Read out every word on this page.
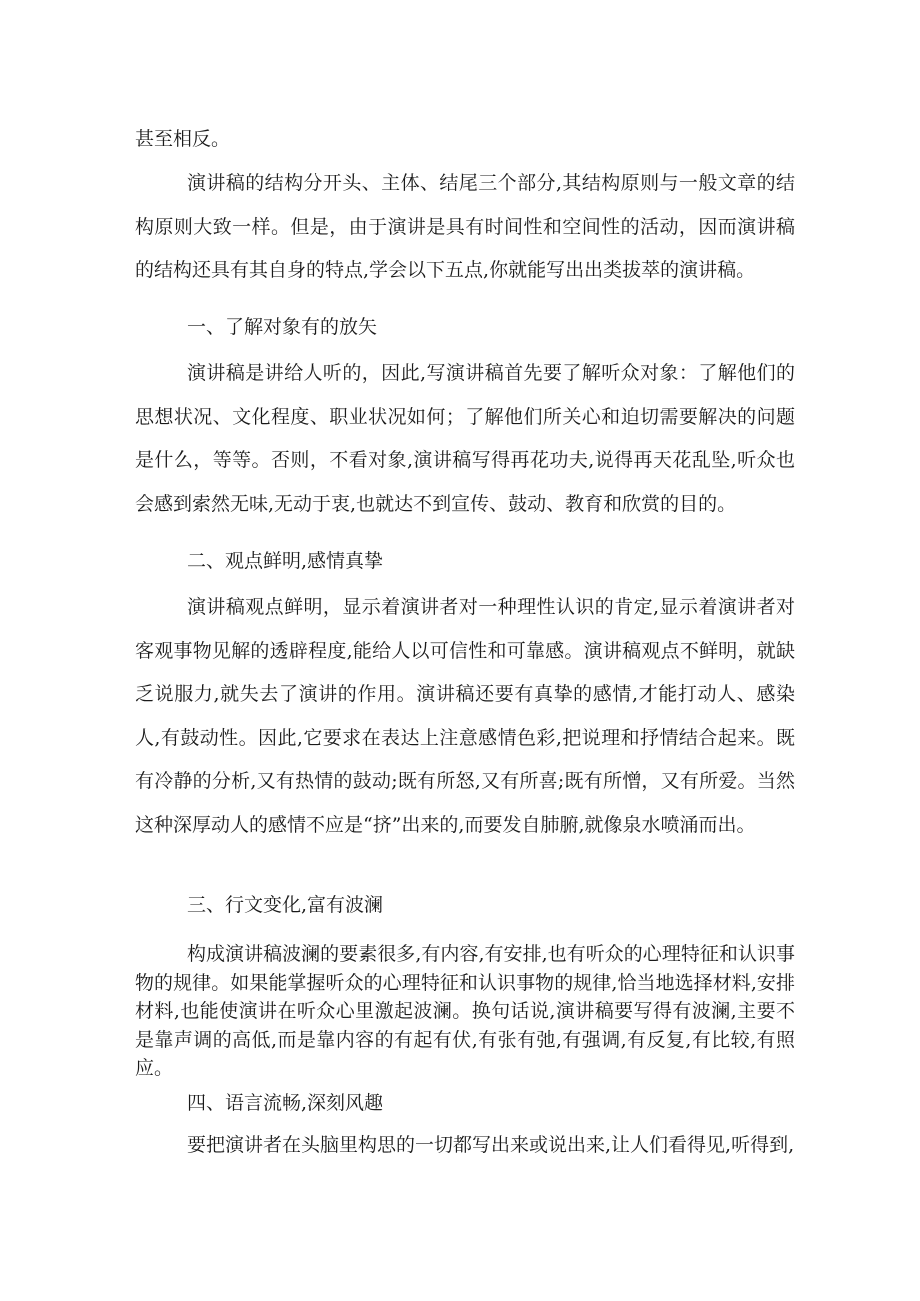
甚至相反。

演讲稿的结构分开头、主体、结尾三个部分,其结构原则与一般文章的结构原则大致一样。但是，由于演讲是具有时间性和空间性的活动，因而演讲稿的结构还具有其自身的特点,学会以下五点,你就能写出出类拔萃的演讲稿。

一、了解对象有的放矢

演讲稿是讲给人听的，因此,写演讲稿首先要了解听众对象：了解他们的思想状况、文化程度、职业状况如何；了解他们所关心和迫切需要解决的问题是什么，等等。否则，不看对象,演讲稿写得再花功夫,说得再天花乱坠,听众也会感到索然无味,无动于衷,也就达不到宣传、鼓动、教育和欣赏的目的。

二、观点鲜明,感情真挚

演讲稿观点鲜明，显示着演讲者对一种理性认识的肯定,显示着演讲者对客观事物见解的透辟程度,能给人以可信性和可靠感。演讲稿观点不鲜明，就缺乏说服力,就失去了演讲的作用。演讲稿还要有真挚的感情,才能打动人、感染人,有鼓动性。因此,它要求在表达上注意感情色彩,把说理和抒情结合起来。既有冷静的分析,又有热情的鼓动;既有所怒,又有所喜;既有所憎，又有所爱。当然这种深厚动人的感情不应是“挤”出来的,而要发自肺腑,就像泉水喷涌而出。

三、行文变化,富有波澜

构成演讲稿波澜的要素很多,有内容,有安排,也有听众的心理特征和认识事物的规律。如果能掌握听众的心理特征和认识事物的规律,恰当地选择材料,安排材料,也能使演讲在听众心里激起波澜。换句话说,演讲稿要写得有波澜,主要不是靠声调的高低,而是靠内容的有起有伏,有张有弛,有强调,有反复,有比较,有照应。

四、语言流畅,深刻风趣

要把演讲者在头脑里构思的一切都写出来或说出来,让人们看得见,听得到,
